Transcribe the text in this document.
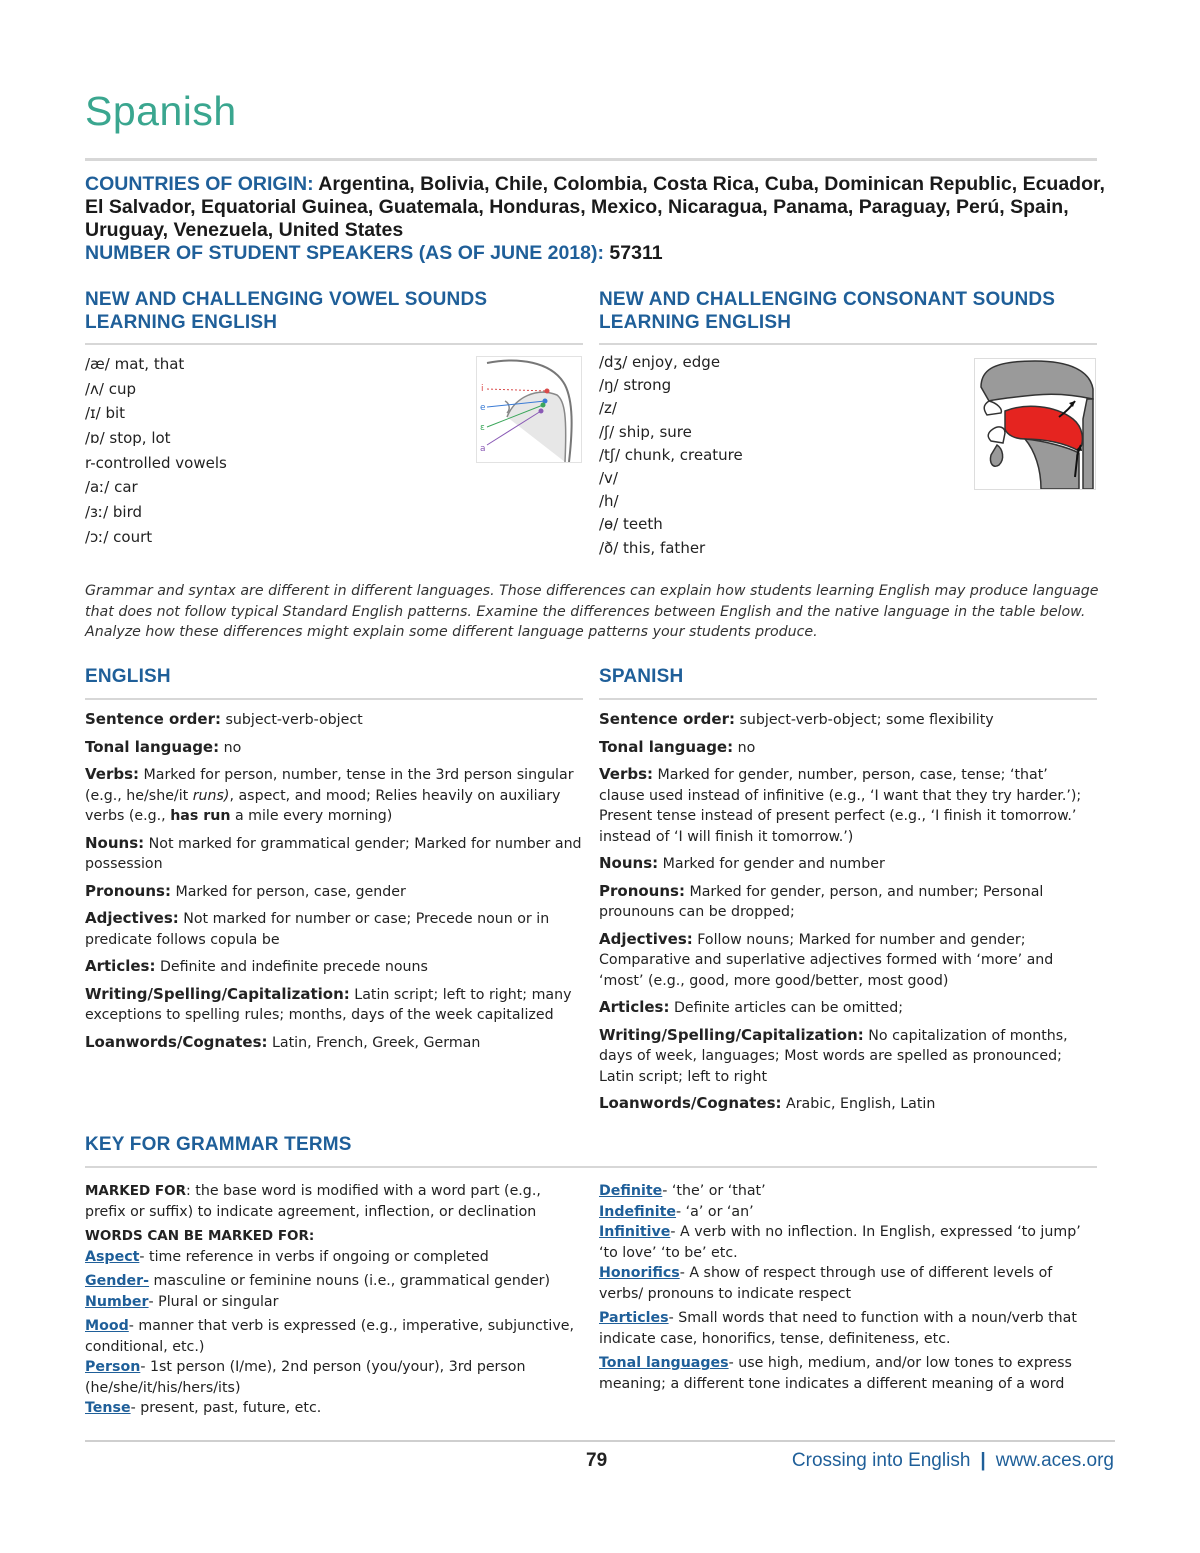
Spanish
COUNTRIES OF ORIGIN: Argentina, Bolivia, Chile, Colombia, Costa Rica, Cuba, Dominican Republic, Ecuador, El Salvador, Equatorial Guinea, Guatemala, Honduras, Mexico, Nicaragua, Panama, Paraguay, Perú, Spain, Uruguay, Venezuela, United States
NUMBER OF STUDENT SPEAKERS (AS OF JUNE 2018): 57311
NEW AND CHALLENGING VOWEL SOUNDS
LEARNING ENGLISH
/æ/ mat, that
/ʌ/ cup
/ɪ/ bit
/ɒ/ stop, lot
r-controlled vowels
/aː/ car
/ɜː/ bird
/ɔː/ court
i
e
ε
a
NEW AND CHALLENGING CONSONANT SOUNDS
LEARNING ENGLISH
/dʒ/ enjoy, edge
/ŋ/ strong
/z/
/ʃ/ ship, sure
/tʃ/ chunk, creature
/v/
/h/
/ɵ/ teeth
/ð/ this, father

Grammar and syntax are different in different languages. Those differences can explain how students learning English may produce language that does not follow typical Standard English patterns. Examine the differences between English and the native language in the table below. Analyze how these differences might explain some different language patterns your students produce.

ENGLISH

Sentence order: subject-verb-object

Tonal language: no

Verbs: Marked for person, number, tense in the 3rd person singular (e.g., he/she/it runs), aspect, and mood; Relies heavily on auxiliary verbs (e.g., has run a mile every morning)

Nouns: Not marked for grammatical gender; Marked for number and possession

Pronouns: Marked for person, case, gender

Adjectives: Not marked for number or case; Precede noun or in predicate follows copula be

Articles: Definite and indefinite precede nouns

Writing/Spelling/Capitalization: Latin script; left to right; many exceptions to spelling rules; months, days of the week capitalized

Loanwords/Cognates: Latin, French, Greek, German

SPANISH

Sentence order: subject-verb-object; some flexibility

Tonal language: no

Verbs: Marked for gender, number, person, case, tense; ‘that’ clause used instead of infinitive (e.g., ‘I want that they try harder.’); Present tense instead of present perfect (e.g., ‘I finish it tomorrow.’ instead of ‘I will finish it tomorrow.’)

Nouns: Marked for gender and number

Pronouns: Marked for gender, person, and number; Personal prounouns can be dropped;

Adjectives: Follow nouns; Marked for number and gender; Comparative and superlative adjectives formed with ‘more’ and ‘most’ (e.g., good, more good/better, most good)

Articles: Definite articles can be omitted;

Writing/Spelling/Capitalization: No capitalization of months, days of week, languages; Most words are spelled as pronounced; Latin script; left to right

Loanwords/Cognates: Arabic, English, Latin

KEY FOR GRAMMAR TERMS

MARKED FOR: the base word is modified with a word part (e.g., prefix or suffix) to indicate agreement, inflection, or declination

WORDS CAN BE MARKED FOR:

Aspect- time reference in verbs if ongoing or completed

Gender- masculine or feminine nouns (i.e., grammatical gender)

Number- Plural or singular

Mood- manner that verb is expressed (e.g., imperative, subjunctive, conditional, etc.)

Person- 1st person (I/me), 2nd person (you/your), 3rd person (he/she/it/his/hers/its)

Tense- present, past, future, etc.

Definite- ‘the’ or ‘that’

Indefinite- ‘a’ or ‘an’

Infinitive- A verb with no inflection. In English, expressed ‘to jump’ ‘to love’ ‘to be’ etc.

Honorifics- A show of respect through use of different levels of verbs/ pronouns to indicate respect

Particles- Small words that need to function with a noun/verb that indicate case, honorifics, tense, definiteness, etc.

Tonal languages- use high, medium, and/or low tones to express meaning; a different tone indicates a different meaning of a word

79	Crossing into English | www.aces.org
